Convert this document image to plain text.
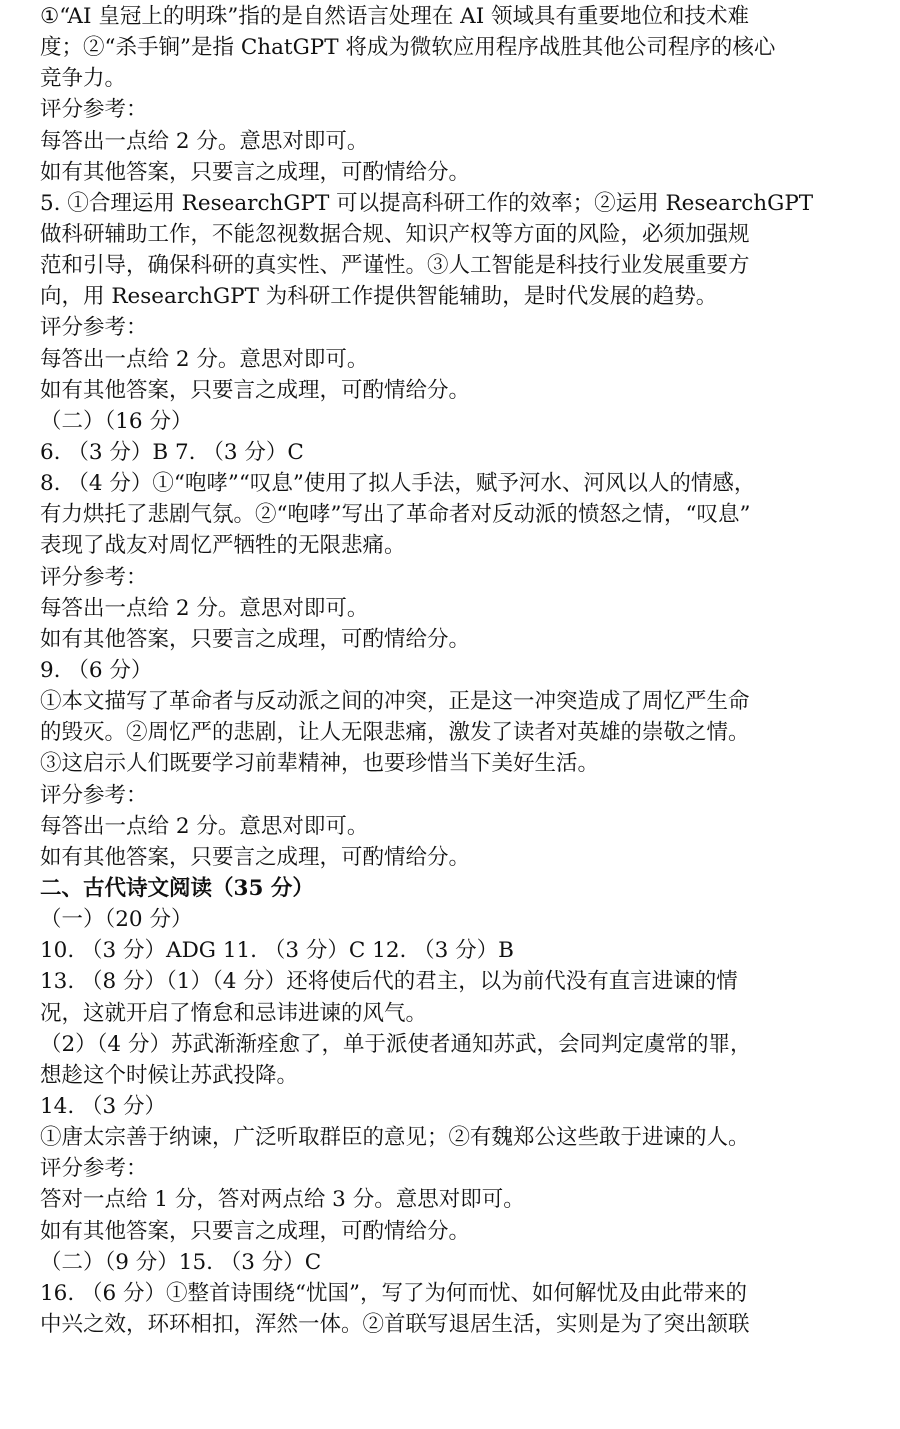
①“AI 皇冠上的明珠”指的是自然语言处理在 AI 领域具有重要地位和技术难
度；②“杀手锏”是指 ChatGPT 将成为微软应用程序战胜其他公司程序的核心
竞争力。
评分参考：
每答出一点给 2 分。意思对即可。
如有其他答案，只要言之成理，可酌情给分。
5. ①合理运用 ResearchGPT 可以提高科研工作的效率；②运用 ResearchGPT
做科研辅助工作，不能忽视数据合规、知识产权等方面的风险，必须加强规
范和引导，确保科研的真实性、严谨性。③人工智能是科技行业发展重要方
向，用 ResearchGPT 为科研工作提供智能辅助，是时代发展的趋势。
评分参考：
每答出一点给 2 分。意思对即可。
如有其他答案，只要言之成理，可酌情给分。
（二）（16 分）
6. （3 分）B 7. （3 分）C
8. （4 分）①“咆哮”“叹息”使用了拟人手法，赋予河水、河风以人的情感，
有力烘托了悲剧气氛。②“咆哮”写出了革命者对反动派的愤怒之情，“叹息”
表现了战友对周忆严牺牲的无限悲痛。
评分参考：
每答出一点给 2 分。意思对即可。
如有其他答案，只要言之成理，可酌情给分。
9. （6 分）
①本文描写了革命者与反动派之间的冲突，正是这一冲突造成了周忆严生命
的毁灭。②周忆严的悲剧，让人无限悲痛，激发了读者对英雄的崇敬之情。
③这启示人们既要学习前辈精神，也要珍惜当下美好生活。
评分参考：
每答出一点给 2 分。意思对即可。
如有其他答案，只要言之成理，可酌情给分。
二、古代诗文阅读（35 分）
（一）（20 分）
10. （3 分）ADG 11. （3 分）C 12. （3 分）B
13. （8 分）（1）（4 分）还将使后代的君主，以为前代没有直言进谏的情
况，这就开启了惰怠和忌讳进谏的风气。
（2）（4 分）苏武渐渐痊愈了，单于派使者通知苏武，会同判定虞常的罪，
想趁这个时候让苏武投降。
14. （3 分）
①唐太宗善于纳谏，广泛听取群臣的意见；②有魏郑公这些敢于进谏的人。
评分参考：
答对一点给 1 分，答对两点给 3 分。意思对即可。
如有其他答案，只要言之成理，可酌情给分。
（二）（9 分）15. （3 分）C
16. （6 分）①整首诗围绕“忧国”，写了为何而忧、如何解忧及由此带来的
中兴之效，环环相扣，浑然一体。②首联写退居生活，实则是为了突出颔联
